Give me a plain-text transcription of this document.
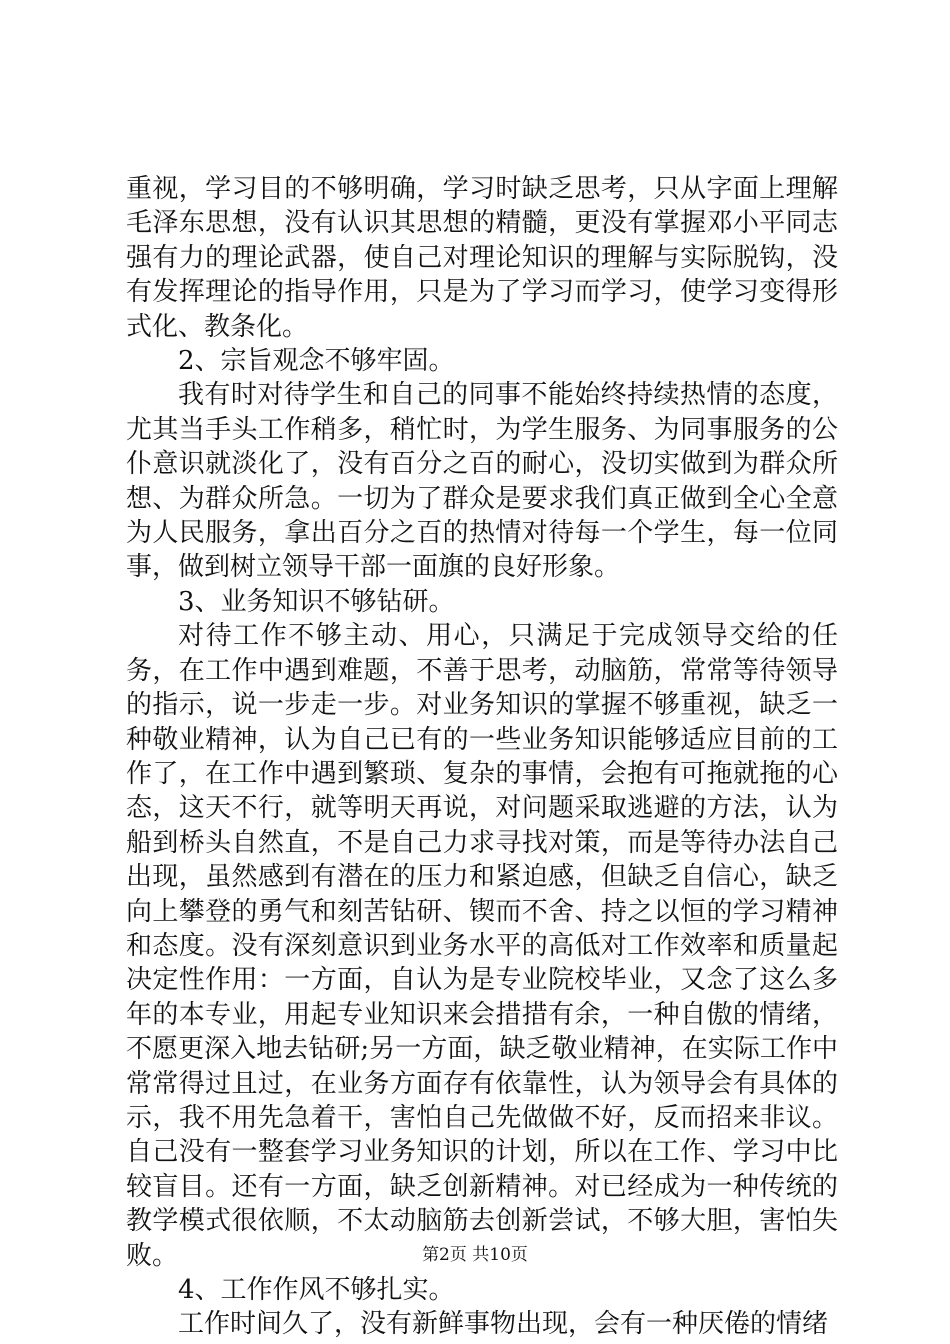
重视，学习目的不够明确，学习时缺乏思考，只从字面上理解毛泽东思想，没有认识其思想的精髓，更没有掌握邓小平同志强有力的理论武器，使自己对理论知识的理解与实际脱钩，没有发挥理论的指导作用，只是为了学习而学习，使学习变得形式化、教条化。

2、宗旨观念不够牢固。

我有时对待学生和自己的同事不能始终持续热情的态度，尤其当手头工作稍多，稍忙时，为学生服务、为同事服务的公仆意识就淡化了，没有百分之百的耐心，没切实做到为群众所想、为群众所急。一切为了群众是要求我们真正做到全心全意为人民服务，拿出百分之百的热情对待每一个学生，每一位同事，做到树立领导干部一面旗的良好形象。

3、业务知识不够钻研。

对待工作不够主动、用心，只满足于完成领导交给的任务，在工作中遇到难题，不善于思考，动脑筋，常常等待领导的指示，说一步走一步。对业务知识的掌握不够重视，缺乏一种敬业精神，认为自己已有的一些业务知识能够适应目前的工作了，在工作中遇到繁琐、复杂的事情，会抱有可拖就拖的心态，这天不行，就等明天再说，对问题采取逃避的方法，认为船到桥头自然直，不是自己力求寻找对策，而是等待办法自己出现，虽然感到有潜在的压力和紧迫感，但缺乏自信心，缺乏向上攀登的勇气和刻苦钻研、锲而不舍、持之以恒的学习精神和态度。没有深刻意识到业务水平的高低对工作效率和质量起决定性作用：一方面，自认为是专业院校毕业，又念了这么多年的本专业，用起专业知识来会措措有余，一种自傲的情绪，不愿更深入地去钻研;另一方面，缺乏敬业精神，在实际工作中常常得过且过，在业务方面存有依靠性，认为领导会有具体的示，我不用先急着干，害怕自己先做做不好，反而招来非议。自己没有一整套学习业务知识的计划，所以在工作、学习中比较盲目。还有一方面，缺乏创新精神。对已经成为一种传统的教学模式很依顺，不太动脑筋去创新尝试，不够大胆，害怕失败。

4、工作作风不够扎实。

工作时间久了，没有新鲜事物出现，会有一种厌倦的情绪

第2页 共10页
